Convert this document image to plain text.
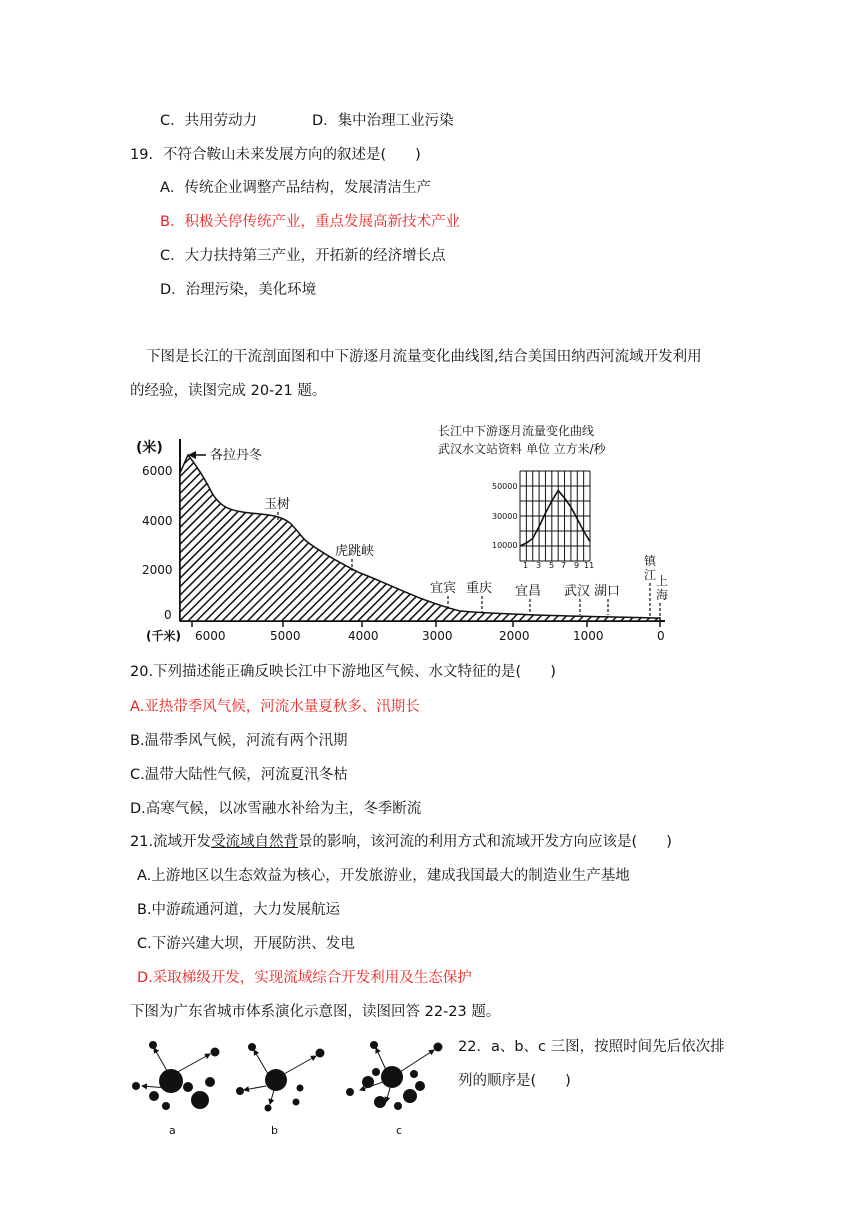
C．共用劳动力	D．集中治理工业污染
19．不符合鞍山未来发展方向的叙述是(　　)
A．传统企业调整产品结构，发展清洁生产
B．积极关停传统产业，重点发展高新技术产业
C．大力扶持第三产业，开拓新的经济增长点
D．治理污染，美化环境
下图是长江的干流剖面图和中下游逐月流量变化曲线图,结合美国田纳西河流域开发利用
的经验，读图完成 20-21 题。
(米)
6000
4000
2000
0
(千米) 6000	5000	4000	3000	2000	1000	0
各拉丹冬
玉树
虎跳峡
宜宾 重庆 宜昌 武汉 湖口
镇
江 上
海
长江中下游逐月流量变化曲线
武汉水文站资料 单位 立方米/秒
50000
30000
10000
1 3 5 7 9 11
20.下列描述能正确反映长江中下游地区气候、水文特征的是(　　)
A.亚热带季风气候，河流水量夏秋多、汛期长
B.温带季风气候，河流有两个汛期
C.温带大陆性气候，河流夏汛冬枯
D.高寒气候，以冰雪融水补给为主，冬季断流
21.流域开发受流域自然背景的影响，该河流的利用方式和流域开发方向应该是(　　)
A.上游地区以生态效益为核心，开发旅游业，建成我国最大的制造业生产基地
B.中游疏通河道，大力发展航运
C.下游兴建大坝，开展防洪、发电
D.采取梯级开发，实现流域综合开发利用及生态保护
下图为广东省城市体系演化示意图，读图回答 22-23 题。
a	b	c
22．a、b、c 三图，按照时间先后依次排
列的顺序是(　　)
